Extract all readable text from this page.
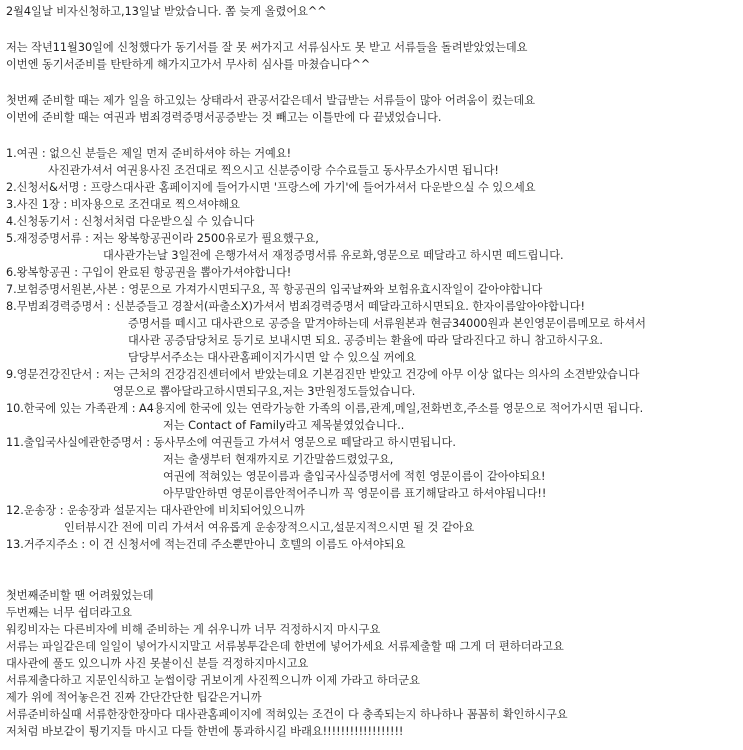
2월4일날 비자신청하고,13일날 받았습니다. 쫌 늦게 올렸어요^^
저는 작년11월30일에 신청했다가 동기서를 잘 못 써가지고 서류심사도 못 받고 서류들을 돌려받았었는데요
이번엔 동기서준비를 탄탄하게 해가지고가서 무사히 심사를 마쳤습니다^^
첫번째 준비할 때는 제가 일을 하고있는 상태라서 관공서같은데서 발급받는 서류들이 많아 어려움이 컸는데요
이번에 준비할 때는 여권과 범죄경력증명서공증받는 것 빼고는 이틀만에 다 끝냈었습니다.
1.여권 : 없으신 분들은 제일 먼저 준비하셔야 하는 거예요!
사진관가셔서 여권용사진 조건대로 찍으시고 신분증이랑 수수료들고 동사무소가시면 됩니다!
2.신청서&서명 : 프랑스대사관 홈페이지에 들어가시면 '프랑스에 가기'에 들어가셔서 다운받으실 수 있으세요
3.사진 1장 : 비자용으로 조건대로 찍으셔야해요
4.신청동기서 : 신청서처럼 다운받으실 수 있습니다
5.재정증명서류 : 저는 왕복항공권이라 2500유로가 필요했구요,
대사관가는날 3일전에 은행가셔서 재정증명서류 유로화,영문으로 떼달라고 하시면 떼드립니다.
6.왕복항공권 : 구입이 완료된 항공권을 뽑아가셔야합니다!
7.보험증명서원본,사본 : 영문으로 가져가시면되구요, 꼭 항공권의 입국날짜와 보험유효시작일이 같아야합니다
8.무범죄경력증명서 : 신분증들고 경찰서(파출소X)가셔서 범죄경력증명서 떼달라고하시면되요. 한자이름알아야합니다!
증명서를 떼시고 대사관으로 공증을 맡겨야하는데 서류원본과 현금34000원과 본인영문이름메모로 하셔서
대사관 공증담당처로 등기로 보내시면 되요. 공증비는 환율에 따라 달라진다고 하니 참고하시구요.
담당부서주소는 대사관홈페이지가시면 알 수 있으실 꺼에요
9.영문건강진단서 : 저는 근처의 건강검진센터에서 받았는데요 기본검진만 받았고 건강에 아무 이상 없다는 의사의 소견받았습니다
영문으로 뽑아달라고하시면되구요,저는 3만원정도들었습니다.
10.한국에 있는 가족관계 : A4용지에 한국에 있는 연락가능한 가족의 이름,관계,메일,전화번호,주소를 영문으로 적어가시면 됩니다.
저는 Contact of Family라고 제목붙였었습니다..
11.출입국사실에관한증명서 : 동사무소에 여권들고 가셔서 영문으로 떼달라고 하시면됩니다.
저는 출생부터 현재까지로 기간말씀드렸었구요,
여권에 적혀있는 영문이름과 출입국사실증명서에 적힌 영문이름이 같아야되요!
아무말안하면 영문이름안적어주니까 꼭 영문이름 표기해달라고 하셔야됩니다!!
12.운송장 : 운송장과 설문지는 대사관안에 비치되어있으니까
인터뷰시간 전에 미리 가셔서 여유롭게 운송장적으시고,설문지적으시면 될 것 같아요
13.거주지주소 : 이 건 신청서에 적는건데 주소뿐만아니 호텔의 이름도 아셔야되요
첫번째준비할 땐 어려웠었는데
두번째는 너무 쉽더라고요
워킹비자는 다른비자에 비해 준비하는 게 쉬우니까 너무 걱정하시지 마시구요
서류는 파일같은데 일일이 넣어가시지말고 서류봉투같은데 한번에 넣어가세요 서류제출할 때 그게 더 편하더라고요
대사관에 풀도 있으니까 사진 못붙이신 분들 걱정하지마시고요
서류제출다하고 지문인식하고 눈썹이랑 귀보이게 사진찍으니까 이제 가라고 하더군요
제가 위에 적어놓은건 진짜 간단간단한 팁같은거니까
서류준비하실때 서류한장한장마다 대사관홈페이지에 적혀있는 조건이 다 충족되는지 하나하나 꼼꼼히 확인하시구요
저처럼 바보같이 튕기지들 마시고 다들 한번에 통과하시길 바래요!!!!!!!!!!!!!!!!!!
